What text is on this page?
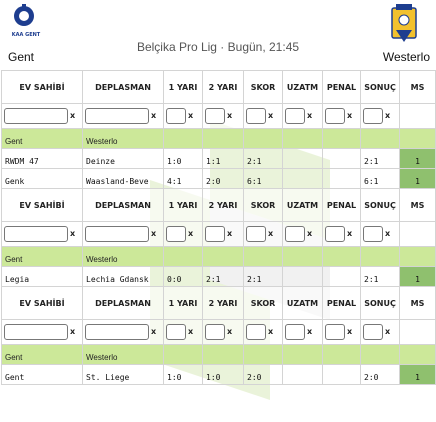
KAA GENT
Gent
Belçika Pro Lig · Bugün, 21:45
Westerlo
EV SAHİBİ	DEPLASMAN	1 YARI	2 YARI	SKOR	UZATM	PENAL	SONUÇ	MS

x	x	x	x	x	x	x	x	

Gent	Westerlo							
RWDM 47	Deinze	1:0	1:1	2:1			2:1	1
Genk	Waasland-Beve	4:1	2:0	6:1			6:1	1
EV SAHİBİ	DEPLASMAN	1 YARI	2 YARI	SKOR	UZATM	PENAL	SONUÇ	MS

x	x	x	x	x	x	x	x	

Gent	Westerlo							
Legia	Lechia Gdansk	0:0	2:1	2:1			2:1	1
EV SAHİBİ	DEPLASMAN	1 YARI	2 YARI	SKOR	UZATM	PENAL	SONUÇ	MS

x	x	x	x	x	x	x	x	

Gent	Westerlo							
Gent	St. Liege	1:0	1:0	2:0			2:0	1
